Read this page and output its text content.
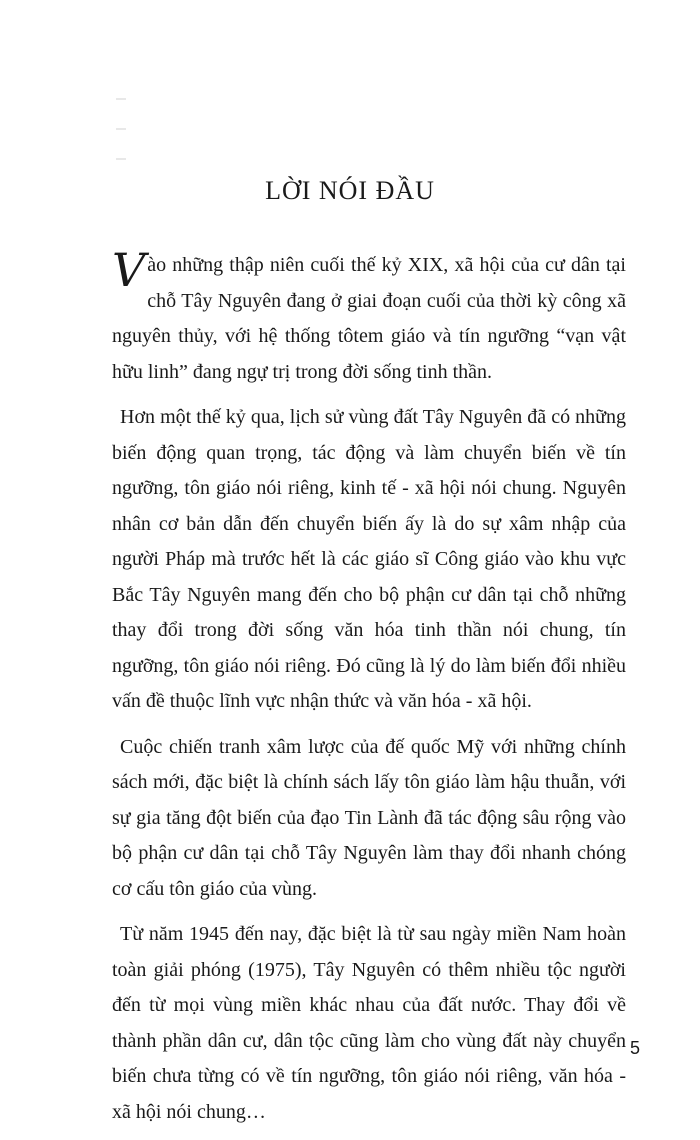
LỜI NÓI ĐẦU

Vào những thập niên cuối thế kỷ XIX, xã hội của cư dân tại chỗ Tây Nguyên đang ở giai đoạn cuối của thời kỳ công xã nguyên thủy, với hệ thống tôtem giáo và tín ngưỡng “vạn vật hữu linh” đang ngự trị trong đời sống tinh thần.

Hơn một thế kỷ qua, lịch sử vùng đất Tây Nguyên đã có những biến động quan trọng, tác động và làm chuyển biến về tín ngưỡng, tôn giáo nói riêng, kinh tế - xã hội nói chung. Nguyên nhân cơ bản dẫn đến chuyển biến ấy là do sự xâm nhập của người Pháp mà trước hết là các giáo sĩ Công giáo vào khu vực Bắc Tây Nguyên mang đến cho bộ phận cư dân tại chỗ những thay đổi trong đời sống văn hóa tinh thần nói chung, tín ngưỡng, tôn giáo nói riêng. Đó cũng là lý do làm biến đổi nhiều vấn đề thuộc lĩnh vực nhận thức và văn hóa - xã hội.

Cuộc chiến tranh xâm lược của đế quốc Mỹ với những chính sách mới, đặc biệt là chính sách lấy tôn giáo làm hậu thuẫn, với sự gia tăng đột biến của đạo Tin Lành đã tác động sâu rộng vào bộ phận cư dân tại chỗ Tây Nguyên làm thay đổi nhanh chóng cơ cấu tôn giáo của vùng.

Từ năm 1945 đến nay, đặc biệt là từ sau ngày miền Nam hoàn toàn giải phóng (1975), Tây Nguyên có thêm nhiều tộc người đến từ mọi vùng miền khác nhau của đất nước. Thay đổi về thành phần dân cư, dân tộc cũng làm cho vùng đất này chuyển biến chưa từng có về tín ngưỡng, tôn giáo nói riêng, văn hóa - xã hội nói chung…

5
